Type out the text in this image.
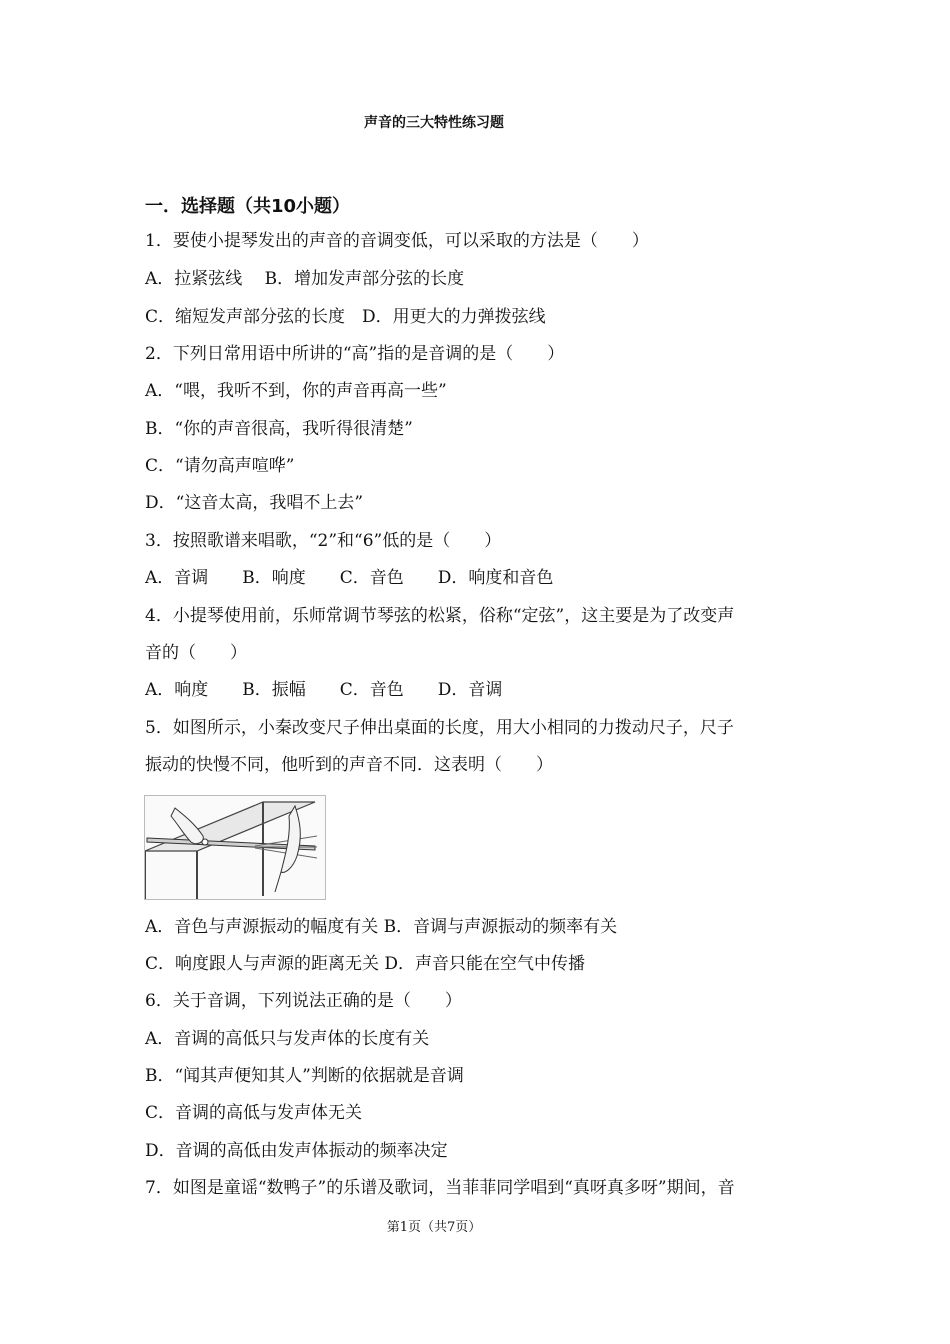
声音的三大特性练习题
一．选择题（共10小题）
1．要使小提琴发出的声音的音调变低，可以采取的方法是（　　）
A．拉紧弦线　 B．增加发声部分弦的长度
C．缩短发声部分弦的长度　D．用更大的力弹拨弦线
2．下列日常用语中所讲的“高”指的是音调的是（　　）
A．“喂，我听不到，你的声音再高一些”
B．“你的声音很高，我听得很清楚”
C．“请勿高声喧哗”
D．“这音太高，我唱不上去”
3．按照歌谱来唱歌，“2”和“6”低的是（　　）
A．音调　　B．响度　　C．音色　　D．响度和音色
4．小提琴使用前，乐师常调节琴弦的松紧，俗称“定弦”，这主要是为了改变声
音的（　　）
A．响度　　B．振幅　　C．音色　　D．音调
5．如图所示，小秦改变尺子伸出桌面的长度，用大小相同的力拨动尺子，尺子
振动的快慢不同，他听到的声音不同．这表明（　　）
A．音色与声源振动的幅度有关 B．音调与声源振动的频率有关
C．响度跟人与声源的距离无关 D．声音只能在空气中传播
6．关于音调，下列说法正确的是（　　）
A．音调的高低只与发声体的长度有关
B．“闻其声便知其人”判断的依据就是音调
C．音调的高低与发声体无关
D．音调的高低由发声体振动的频率决定
7．如图是童谣“数鸭子”的乐谱及歌词，当菲菲同学唱到“真呀真多呀”期间，音
第1页（共7页）
